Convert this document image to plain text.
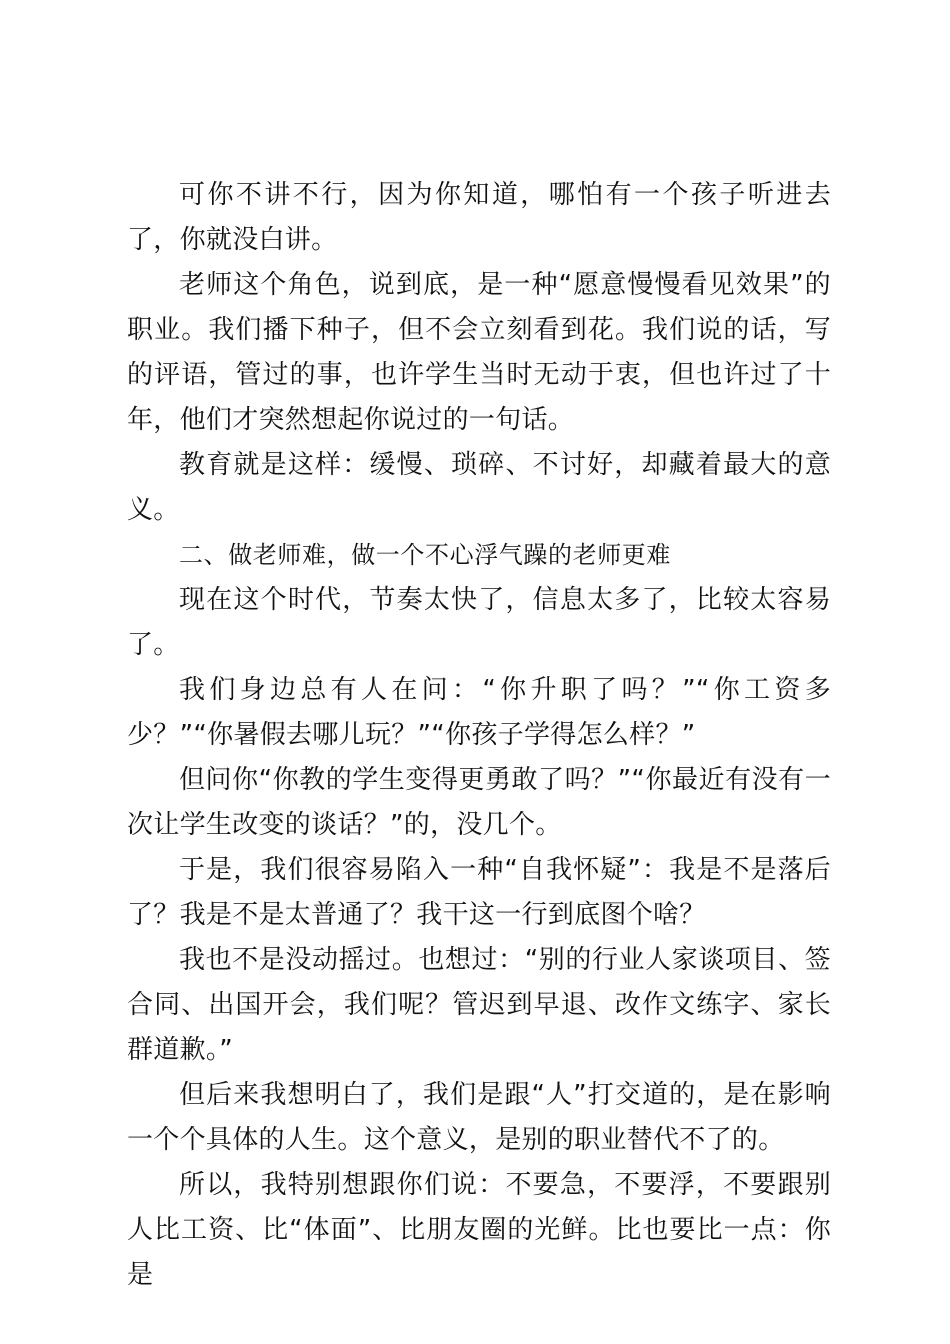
可你不讲不行，因为你知道，哪怕有一个孩子听进去了，你就没白讲。

老师这个角色，说到底，是一种“愿意慢慢看见效果”的职业。我们播下种子，但不会立刻看到花。我们说的话，写的评语，管过的事，也许学生当时无动于衷，但也许过了十年，他们才突然想起你说过的一句话。

教育就是这样：缓慢、琐碎、不讨好，却藏着最大的意义。

二、做老师难，做一个不心浮气躁的老师更难

现在这个时代，节奏太快了，信息太多了，比较太容易了。

我们身边总有人在问：“你升职了吗？”“你工资多少？”“你暑假去哪儿玩？”“你孩子学得怎么样？”

但问你“你教的学生变得更勇敢了吗？”“你最近有没有一次让学生改变的谈话？”的，没几个。

于是，我们很容易陷入一种“自我怀疑”：我是不是落后了？我是不是太普通了？我干这一行到底图个啥？

我也不是没动摇过。也想过：“别的行业人家谈项目、签合同、出国开会，我们呢？管迟到早退、改作文练字、家长群道歉。”

但后来我想明白了，我们是跟“人”打交道的，是在影响一个个具体的人生。这个意义，是别的职业替代不了的。

所以，我特别想跟你们说：不要急，不要浮，不要跟别人比工资、比“体面”、比朋友圈的光鲜。比也要比一点：你是
